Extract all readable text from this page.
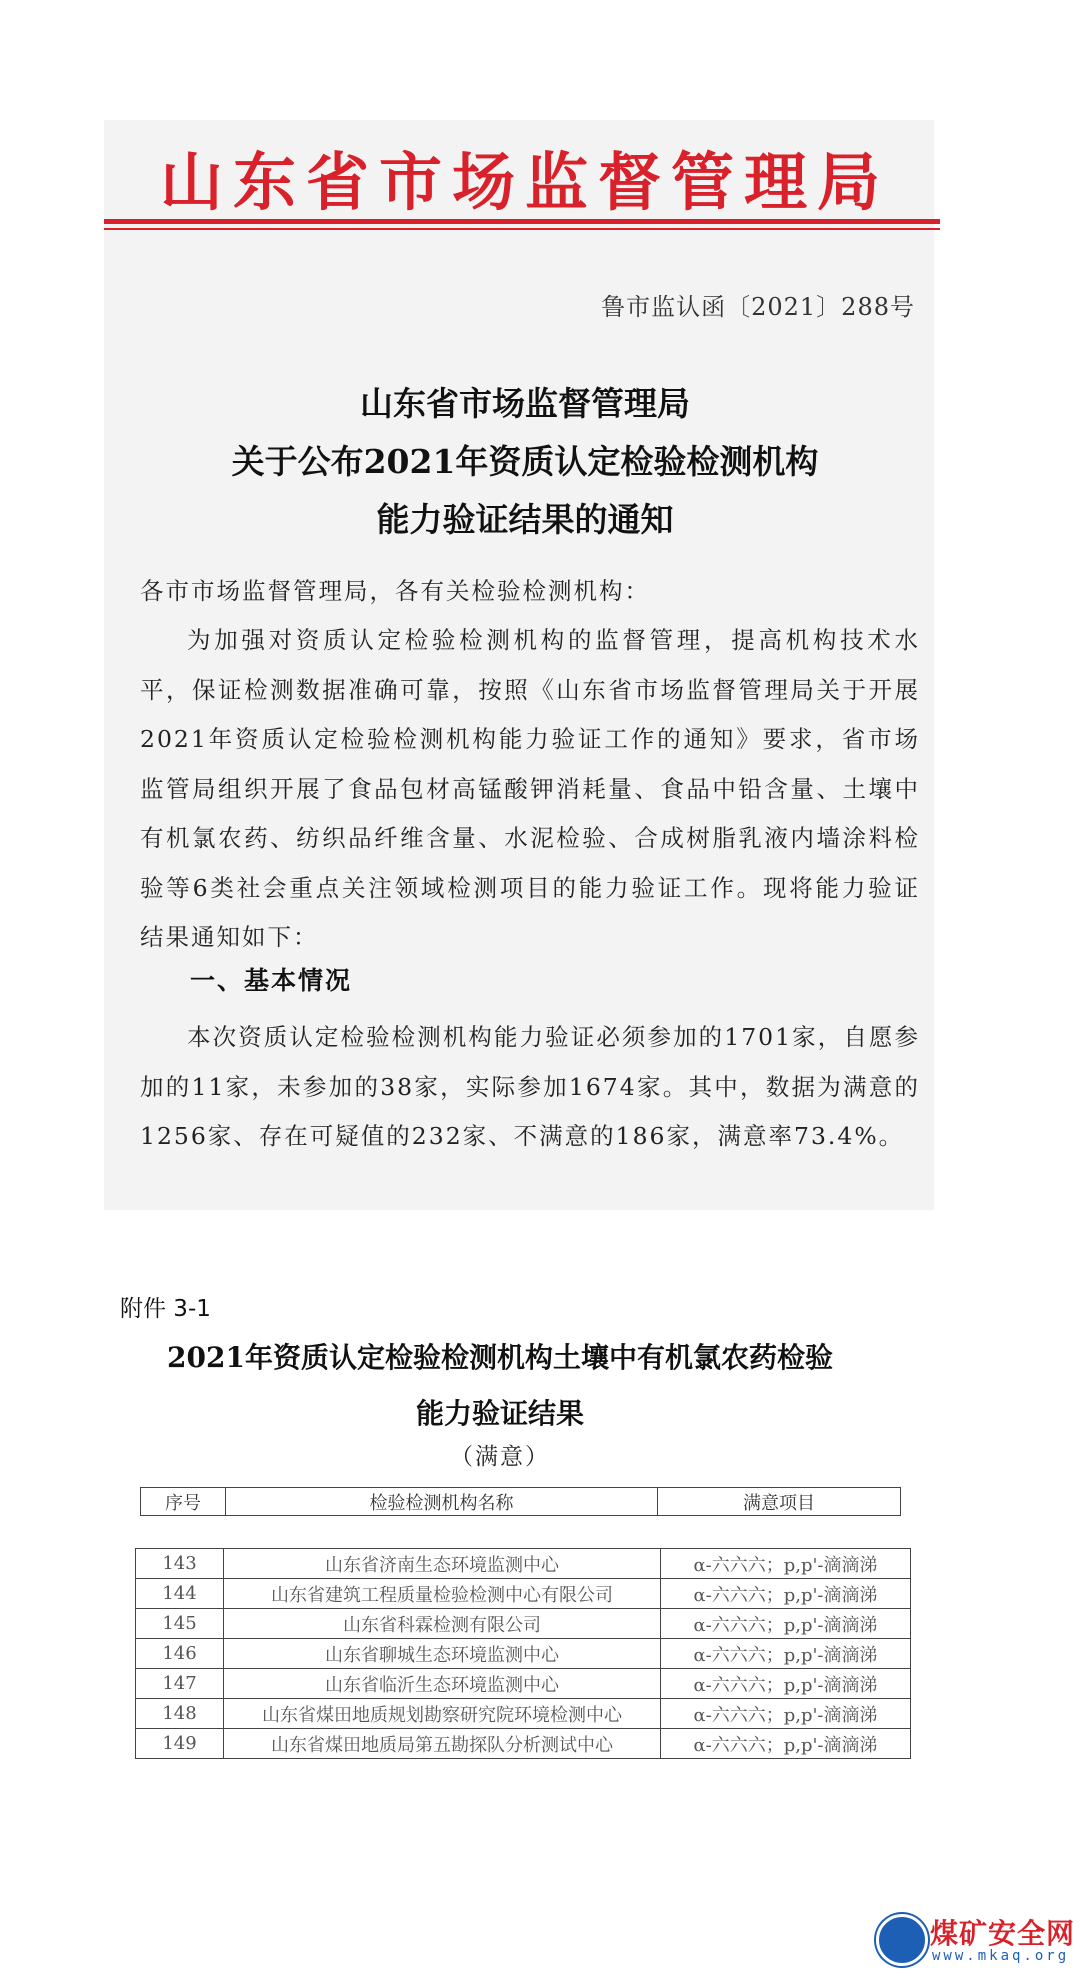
山东省市场监督管理局
鲁市监认函〔2021〕288号
山东省市场监督管理局
关于公布2021年资质认定检验检测机构
能力验证结果的通知
各市市场监督管理局，各有关检验检测机构：
为加强对资质认定检验检测机构的监督管理，提高机构技术水平，保证检测数据准确可靠，按照《山东省市场监督管理局关于开展2021年资质认定检验检测机构能力验证工作的通知》要求，省市场监管局组织开展了食品包材高锰酸钾消耗量、食品中铅含量、土壤中有机氯农药、纺织品纤维含量、水泥检验、合成树脂乳液内墙涂料检验等6类社会重点关注领域检测项目的能力验证工作。现将能力验证结果通知如下：
一、基本情况
本次资质认定检验检测机构能力验证必须参加的1701家，自愿参加的11家，未参加的38家，实际参加1674家。其中，数据为满意的1256家、存在可疑值的232家、不满意的186家，满意率73.4%。
附件 3-1
2021年资质认定检验检测机构土壤中有机氯农药检验
能力验证结果
（满意）
序号	检验检测机构名称	满意项目
143	山东省济南生态环境监测中心	α-六六六；p,p'-滴滴涕
144	山东省建筑工程质量检验检测中心有限公司	α-六六六；p,p'-滴滴涕
145	山东省科霖检测有限公司	α-六六六；p,p'-滴滴涕
146	山东省聊城生态环境监测中心	α-六六六；p,p'-滴滴涕
147	山东省临沂生态环境监测中心	α-六六六；p,p'-滴滴涕
148	山东省煤田地质规划勘察研究院环境检测中心	α-六六六；p,p'-滴滴涕
149	山东省煤田地质局第五勘探队分析测试中心	α-六六六；p,p'-滴滴涕
煤矿安全网
www.mkaq.org
